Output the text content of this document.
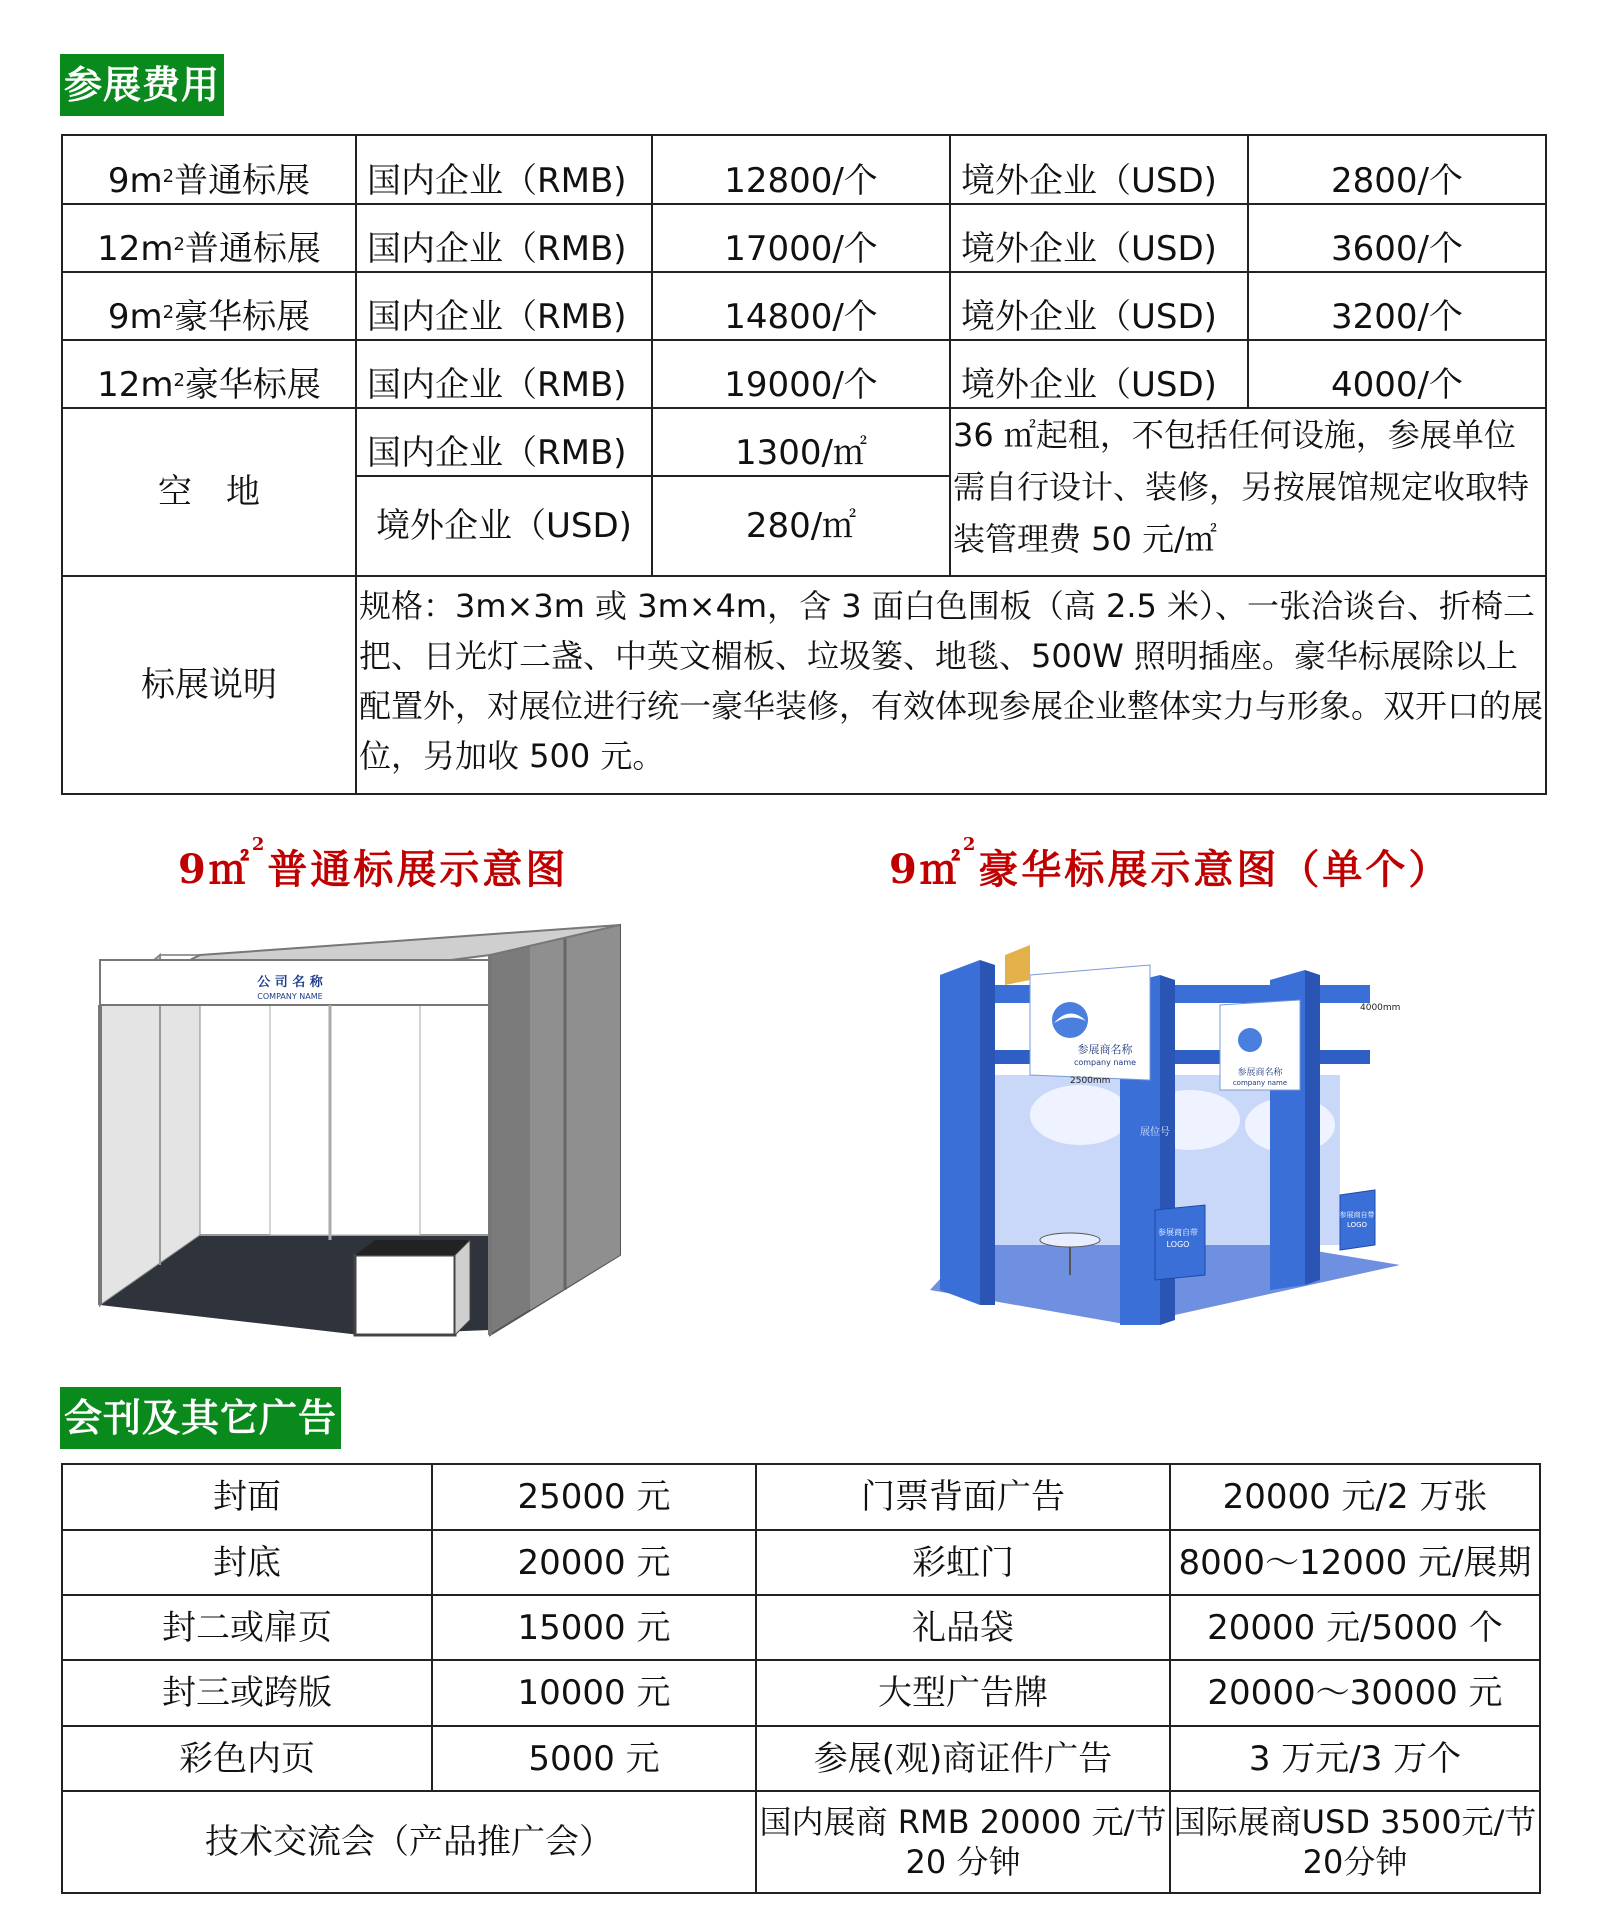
参展费用
$9m^2$普通标展	国内企业（RMB)	12800/个	境外企业（USD)	2800/个
$12m^2$普通标展	国内企业（RMB)	17000/个	境外企业（USD)	3600/个
$9m^2$豪华标展	国内企业（RMB)	14800/个	境外企业（USD)	3200/个
$12m^2$豪华标展	国内企业（RMB)	19000/个	境外企业（USD)	4000/个
空　地	国内企业（RMB)	1300/㎡	36 ㎡起租，不包括任何设施，参展单位需自行设计、装修，另按展馆规定收取特装管理费 50 元/㎡	
	境外企业（USD)	280/㎡		
标展说明	规格：3m×3m 或 3m×4m，含 3 面白色围板（高 2.5 米）、一张洽谈台、折椅二把、日光灯二盏、中英文楣板、垃圾篓、地毯、500W 照明插座。豪华标展除以上配置外，对展位进行统一豪华装修，有效体现参展企业整体实力与形象。双开口的展位，另加收 500 元。			
9㎡$^2$普通标展示意图	9㎡$^2$豪华标展示意图（单个）
公 司 名 称
COMPANY NAME
展位号
参展商名称
company name
参展商名称
company name
4000mm
2500mm
参展商自带
LOGO
参展商自带
LOGO
会刊及其它广告
封面	25000 元	门票背面广告	20000 元/2 万张
封底	20000 元	彩虹门	8000～12000 元/展期
封二或扉页	15000 元	礼品袋	20000 元/5000 个
封三或跨版	10000 元	大型广告牌	20000～30000 元
彩色内页	5000 元	参展(观)商证件广告	3 万元/3 万个
技术交流会（产品推广会）		国内展商 RMB 20000 元/节 20 分钟	国际展商USD 3500元/节 20分钟
